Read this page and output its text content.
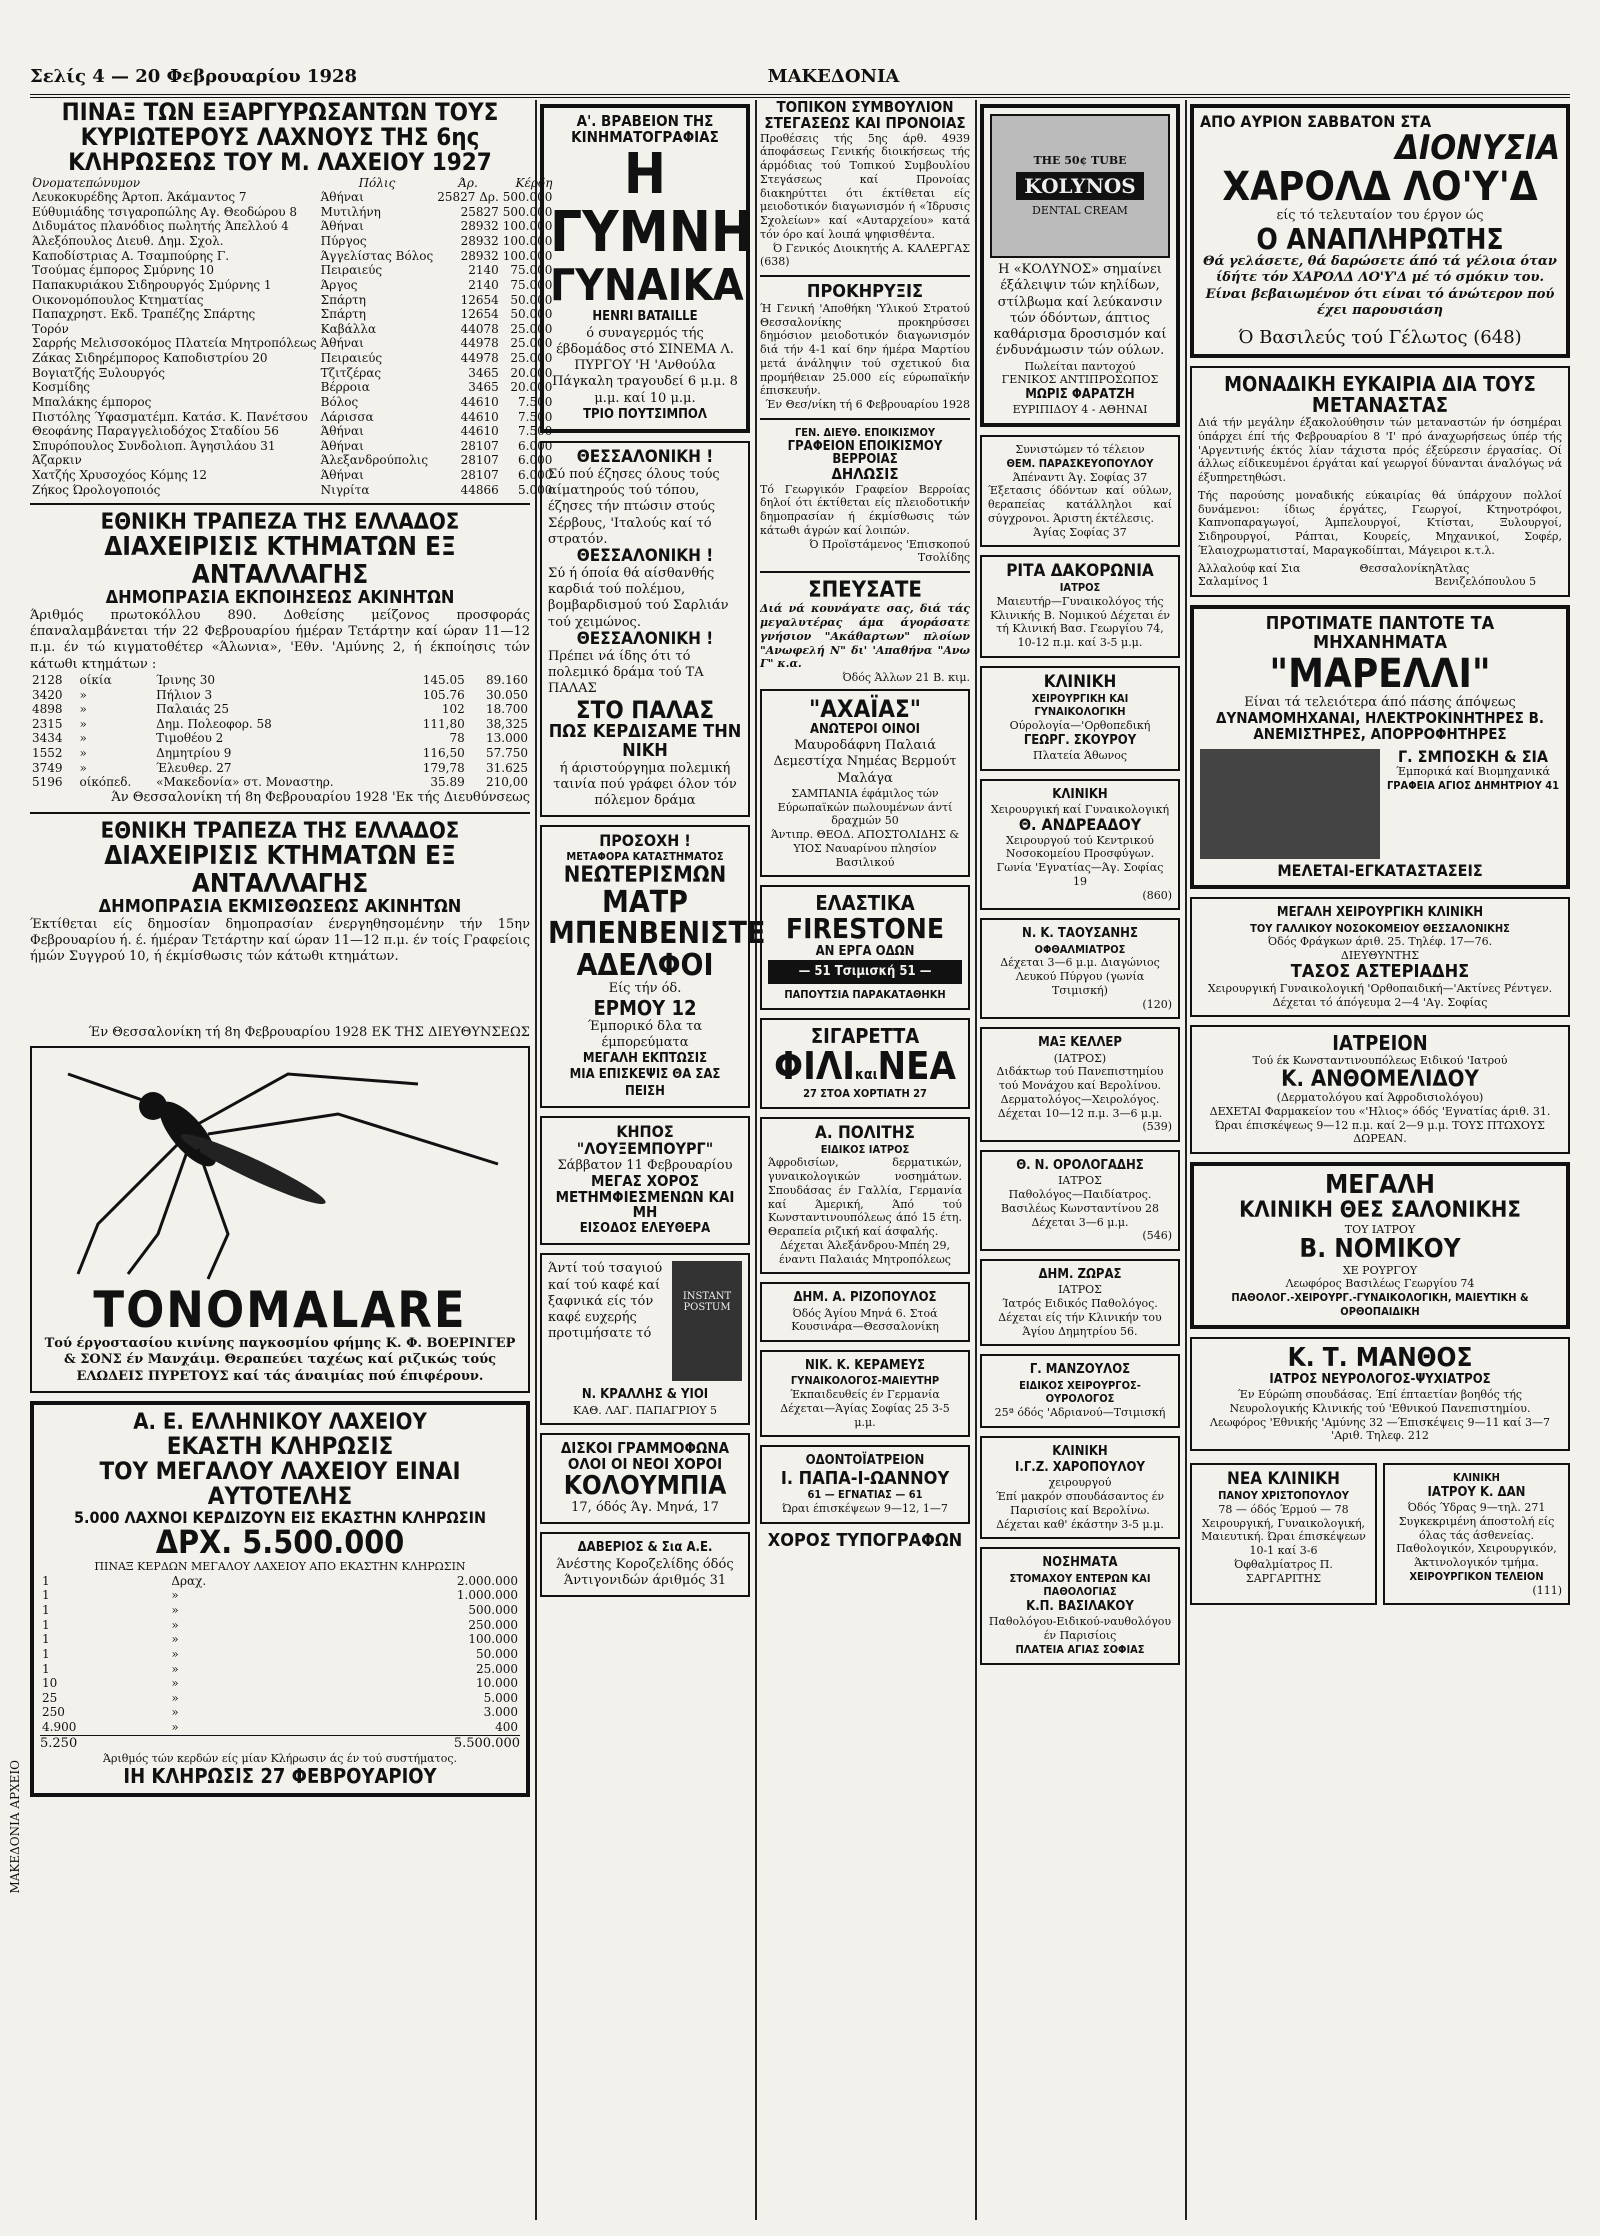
Σελίς 4 — 20 Φεβρουαρίου 1928	ΜΑΚΕΔΟΝΙΑ
ΠΙΝΑΞ ΤΩΝ ΕΞΑΡΓΥΡΩΣΑΝΤΩΝ ΤΟΥΣ ΚΥΡΙΩΤΕΡΟΥΣ ΛΑΧΝΟΥΣ ΤΗΣ 6ης ΚΛΗΡΩΣΕΩΣ ΤΟΥ Μ. ΛΑΧΕΙΟΥ 1927
Όνοματεπώνυμον	Πόλις	Άρ.	Κέρδη
Λευκοκυρέδης Άρτοπ. Άκάμαντος 7	Άθήναι	25827 Δρ.	500.000
Εύθυμιάδης τσιγαροπώλης Αγ. Θεοδώρου 8	Μυτιλήνη	25827	500.000
Διδυμάτος πλανόδιος πωλητής Άπελλού 4	Άθήναι	28932	100.000
Άλεξόπουλος Διευθ. Δημ. Σχολ.	Πύργος	28932	100.000
Καποδίστριας Α. Τσαμπούρης Γ.	Άγγελίστας Βόλος	28932	100.000
Τσούμας έμπορος Σμύρνης 10	Πειραιεύς	2140	75.000
Παπακυριάκου Σιδηρουργός Σμύρνης 1	Άργος	2140	75.000
Οικονομόπουλος Κτηματίας	Σπάρτη	12654	50.000
Παπαχρηστ. Εκδ. Τραπέζης Σπάρτης	Σπάρτη	12654	50.000
Τορόν	Καβάλλα	44078	25.000
Σαρρής Μελισσοκόμος Πλατεία Μητροπόλεως	Άθήναι	44978	25.000
Ζάκας Σιδηρέμπορος Καποδιστρίου 20	Πειραιεύς	44978	25.000
Βογιατζής Ξυλουργός	Τζιτζέρας	3465	20.000
Κοσμίδης	Βέρροια	3465	20.000
Μπαλάκης έμπορος	Βόλος	44610	7.500
Πιστόλης Ύφασματέμπ. Κατάσ. Κ. Πανέτσου	Λάρισσα	44610	7.500
Θεοφάνης Παραγγελιοδόχος Σταδίου 56	Άθήναι	44610	7.500
Σπυρόπουλος Συνδολιοπ. Άγησιλάου 31	Άθήναι	28107	6.000
Άζαρκιν	Άλεξανδρούπολις	28107	6.000
Χατζής Χρυσοχόος Κόμης 12	Άθήναι	28107	6.000
Ζήκος Ώρολογοποιός	Νιγρίτα	44866	5.000
ΕΘΝΙΚΗ ΤΡΑΠΕΖΑ ΤΗΣ ΕΛΛΑΔΟΣ
ΔΙΑΧΕΙΡΙΣΙΣ ΚΤΗΜΑΤΩΝ ΕΞ ΑΝΤΑΛΛΑΓΗΣ
ΔΗΜΟΠΡΑΣΙΑ ΕΚΠΟΙΗΣΕΩΣ ΑΚΙΝΗΤΩΝ
Άριθμός πρωτοκόλλου 890. Δοθείσης μείζονος προσφοράς έπαναλαμβάνεται τήν 22 Φεβρουαρίου ήμέραν Τετάρτην καί ώραν 11—12 π.μ. έν τώ κιγματοθέτερ «Άλωνια», 'Εθν. 'Αμύνης 2, ή έκποίησις τών κάτωθι κτημάτων :
2128	οίκία	Ίρινης 30	145.05	89.160
3420	»	Πήλιον 3	105.76	30.050
4898	»	Παλαιάς 25	102	18.700
2315	»	Δημ. Πολεοφορ. 58	111,80	38,325
3434	»	Τιμοθέου 2	78	13.000
1552	»	Δημητρίου 9	116,50	57.750
3749	»	Έλευθερ. 27	179,78	31.625
5196	οίκόπεδ.	«Μακεδονία» στ. Μοναστηρ.	35.89	210,00
Άν Θεσσαλονίκη τή 8η Φεβρουαρίου 1928 'Εκ τής Διευθύνσεως
ΕΘΝΙΚΗ ΤΡΑΠΕΖΑ ΤΗΣ ΕΛΛΑΔΟΣ
ΔΙΑΧΕΙΡΙΣΙΣ ΚΤΗΜΑΤΩΝ ΕΞ ΑΝΤΑΛΛΑΓΗΣ
ΔΗΜΟΠΡΑΣΙΑ ΕΚΜΙΣΘΩΣΕΩΣ ΑΚΙΝΗΤΩΝ
Έκτίθεται είς δημοσίαν δημοπρασίαν ένεργηθησομένην τήν 15ην Φεβρουαρίου ή. έ. ήμέραν Τετάρτην καί ώραν 11—12 π.μ. έν τοίς Γραφείοις ήμών Συγγρού 10, ή έκμίσθωσις τών κάτωθι κτημάτων.
Έν Θεσσαλονίκη τή 8η Φεβρουαρίου 1928 ΕΚ ΤΗΣ ΔΙΕΥΘΥΝΣΕΩΣ
TONOMALARE
Τού έργοστασίου κινίνης παγκοσμίου φήμης Κ. Φ. ΒΟΕΡΙΝΓΕΡ & ΣΟΝΣ έν Μανχάιμ. Θεραπεύει ταχέως καί ριζικώς τούς ΕΛΩΔΕΙΣ ΠΥΡΕΤΟΥΣ καί τάς άναιμίας πού έπιφέρουν.
Α. Ε. ΕΛΛΗΝΙΚΟΥ ΛΑΧΕΙΟΥ
ΕΚΑΣΤΗ ΚΛΗΡΩΣΙΣ
ΤΟΥ ΜΕΓΑΛΟΥ ΛΑΧΕΙΟΥ ΕΙΝΑΙ ΑΥΤΟΤΕΛΗΣ
5.000 ΛΑΧΝΟΙ ΚΕΡΔΙΖΟΥΝ ΕΙΣ ΕΚΑΣΤΗΝ ΚΛΗΡΩΣΙΝ
ΔΡΧ. 5.500.000
ΠΙΝΑΞ ΚΕΡΔΩΝ ΜΕΓΑΛΟΥ ΛΑΧΕΙΟΥ ΑΠΟ ΕΚΑΣΤΗΝ ΚΛΗΡΩΣΙΝ
1	Δραχ.	2.000.000
1	»	1.000.000
1	»	500.000
1	»	250.000
1	»	100.000
1	»	50.000
1	»	25.000
10	»	10.000
25	»	5.000
250	»	3.000
4.900	»	400
5.250	5.500.000
Άριθμός τών κερδών είς μίαν Κλήρωσιν άς έν τού συστήματος.
ΙΗ ΚΛΗΡΩΣΙΣ 27 ΦΕΒΡΟΥΑΡΙΟΥ
Α'. ΒΡΑΒΕΙΟΝ ΤΗΣ ΚΙΝΗΜΑΤΟΓΡΑΦΙΑΣ
Η ΓΥΜΝΗ
ΓΥΝΑΙΚΑ
HENRI BATAILLE
ό συναγερμός τής έβδομάδος στό ΣΙΝΕΜΑ Λ. ΠΥΡΓΟΥ 'Η 'Ανθούλα Πάγκαλη τραγουδεί 6 μ.μ. 8 μ.μ. καί 10 μ.μ.
ΤΡΙΟ ΠΟΥΤΣΙΜΠΟΛ
ΘΕΣΣΑΛΟΝΙΚΗ !
Σύ πού έζησες όλους τούς αίματηρούς τού τόπου, έζησες τήν πτώσιν στούς Σέρβους, 'Ιταλούς καί τό στρατόν.
ΘΕΣΣΑΛΟΝΙΚΗ !
Σύ ή όποία θά αίσθανθής καρδιά τού πολέμου, βομβαρδισμού τού Σαρλιάν τού χειμώνος.
ΘΕΣΣΑΛΟΝΙΚΗ !
Πρέπει νά ίδης ότι τό πολεμικό δράμα τού ΤΑ ΠΑΛΑΣ
ΣΤΟ ΠΑΛΑΣ
ΠΩΣ ΚΕΡΔΙΣΑΜΕ ΤΗΝ ΝΙΚΗ
ή άριστούργημα πολεμική ταινία πού γράφει όλον τόν πόλεμον δράμα
ΠΡΟΣΟΧΗ !
ΜΕΤΑΦΟΡΑ ΚΑΤΑΣΤΗΜΑΤΟΣ
ΝΕΩΤΕΡΙΣΜΩΝ
ΜΑΤΡ ΜΠΕΝΒΕΝΙΣΤΕ ΑΔΕΛΦΟΙ
Είς τήν όδ.
ΕΡΜΟΥ 12
Έμπορικό δλα τα έμπορεύματα
ΜΕΓΑΛΗ ΕΚΠΤΩΣΙΣ
ΜΙΑ ΕΠΙΣΚΕΨΙΣ ΘΑ ΣΑΣ ΠΕΙΣΗ
ΚΗΠΟΣ "ΛΟΥΞΕΜΠΟΥΡΓ"
Σάββατον 11 Φεβρουαρίου
ΜΕΓΑΣ ΧΟΡΟΣ ΜΕΤΗΜΦΙΕΣΜΕΝΩΝ ΚΑΙ ΜΗ
ΕΙΣΟΔΟΣ ΕΛΕΥΘΕΡΑ
Άντί τού τσαγιού καί τού καφέ καί ξαφνικά είς τόν καφέ ευχερής προτιμήσατε τό
INSTANT POSTUM
Ν. ΚΡΑΛΛΗΣ & ΥΙΟΙ
ΚΑΘ. ΛΑΓ. ΠΑΠΑΓΡΙΟΥ 5
ΔΙΣΚΟΙ ΓΡΑΜΜΟΦΩΝΑ ΟΛΟΙ ΟΙ ΝΕΟΙ ΧΟΡΟΙ
ΚΟΛΟΥΜΠΙΑ
17, όδός Άγ. Μηνά, 17
ΔΑΒΕΡΙΟΣ & Σια Α.Ε.
Άνέστης Κοροζελίδης όδός Άντιγονιδών άριθμός 31
ΤΟΠΙΚΟΝ ΣΥΜΒΟΥΛΙΟΝ
ΣΤΕΓΑΣΕΩΣ ΚΑΙ ΠΡΟΝΟΙΑΣ
Προθέσεις τής 5ης άρθ. 4939 άποφάσεως Γενικής διοικήσεως τής άρμόδιας τού Τοπικού Συμβουλίου Στεγάσεως καί Προνοίας διακηρύττει ότι έκτίθεται είς μειοδοτικόν διαγωνισμόν ή «Ίδρυσις Σχολείων» καί «Αυταρχείου» κατά τόν όρο καί λοιπά ψηφισθέντα.
Ό Γενικός Διοικητής Α. ΚΑΛΕΡΓΑΣ
(638)
ΠΡΟΚΗΡΥΞΙΣ
Ή Γενική 'Αποθήκη 'Υλικού Στρατού Θεσσαλονίκης προκηρύσσει δημόσιον μειοδοτικόν διαγωνισμόν διά τήν 4-1 καί 6ην ήμέρα Μαρτίου μετά άνάληψιν τού σχετικού δια προμήθειαν 25.000 είς εύρωπαϊκήν έπισκευήν.
Έν Θεσ/νίκη τή 6 Φεβρουαρίου 1928
ΓΕΝ. ΔΙΕΥΘ. ΕΠΟΙΚΙΣΜΟΥ
ΓΡΑΦΕΙΟΝ ΕΠΟΙΚΙΣΜΟΥ ΒΕΡΡΟΙΑΣ
ΔΗΛΩΣΙΣ
Τό Γεωργικόν Γραφείον Βερροίας δηλοί ότι έκτίθεται είς πλειοδοτικήν δημοπρασίαν ή έκμίσθωσις τών κάτωθι άγρών καί λοιπών.
Ό Προϊστάμενος 'Επισκοπού Τσολίδης
ΣΠΕΥΣΑΤΕ
Διά νά κουνάγατε σας, διά τάς μεγαλυτέρας άμα άγοράσατε γνήσιον "Ακάθαρτων" πλοίων "Ανωφελή Ν" δι' 'Απαθήνα "Ανω Γ" κ.α.
Όδός Άλλων 21 Β. κιμ.
"ΑΧΑΪΑΣ"
ΑΝΩΤΕΡΟΙ ΟΙΝΟΙ
Μαυροδάφνη Παλαιά Δεμεστίχα Νημέας Βερμούτ Μαλάγα
ΣΑΜΠΑΝΙΑ έφάμιλος τών Εύρωπαϊκών πωλουμένων άντί δραχμών 50
Άντιπρ. ΘΕΟΔ. ΑΠΟΣΤΟΛΙΔΗΣ & ΥΙΟΣ Ναυαρίνου πλησίον Βασιλικού
ΕΛΑΣΤΙΚΑ
FIRESTONE
ΑΝ ΕΡΓΑ ΟΔΩΝ
— 51 Τσιμισκή 51 —
ΠΑΠΟΥΤΣΙΑ ΠΑΡΑΚΑΤΑΘΗΚΗ
ΣΙΓΑΡΕΤΤΑ
ΦΙΛΙκαιΝΕΑ
27 ΣΤΟΑ ΧΟΡΤΙΑΤΗ 27
Α. ΠΟΛΙΤΗΣ
ΕΙΔΙΚΟΣ ΙΑΤΡΟΣ
Άφροδισίων, δερματικών, γυναικολογικών νοσημάτων. Σπουδάσας έν Γαλλία, Γερμανία καί Άμερική, Άπό τού Κωνσταντινουπόλεως άπό 15 έτη. Θεραπεία ριζική καί άσφαλής.
Δέχεται Άλεξάνδρου-Μπέη 29, έναντι Παλαιάς Μητροπόλεως
ΔΗΜ. Α. ΡΙΖΟΠΟΥΛΟΣ
Όδός Άγίου Μηνά 6. Στοά Κουσινάρα—Θεσσαλονίκη
ΝΙΚ. Κ. ΚΕΡΑΜΕΥΣ
ΓΥΝΑΙΚΟΛΟΓΟΣ-ΜΑΙΕΥΤΗΡ
Έκπαιδευθείς έν Γερμανία Δέχεται—Άγίας Σοφίας 25 3-5 μ.μ.
ΟΔΟΝΤΟΪΑΤΡΕΙΟΝ
Ι. ΠΑΠΑ-Ι-ΩΑΝΝΟΥ
61 — ΕΓΝΑΤΙΑΣ — 61
Ώραι έπισκέψεων 9—12, 1—7
ΧΟΡΟΣ ΤΥΠΟΓΡΑΦΩΝ
THE 50¢ TUBE
KOLYNOS
DENTAL CREAM
Η «ΚΟΛΥΝΟΣ» σημαίνει έξάλειψιν τών κηλίδων, στίλβωμα καί λεύκανσιν τών όδόντων, άπτιος καθάρισμα δροσισμόν καί ένδυνάμωσιν τών ούλων.
Πωλείται παντοχού
ΓΕΝΙΚΟΣ ΑΝΤΙΠΡΟΣΩΠΟΣ
ΜΩΡΙΣ ΦΑΡΑΤΖΗ
ΕΥΡΙΠΙΔΟΥ 4 - ΑΘΗΝΑΙ
Συνιστώμεν τό τέλειον
ΘΕΜ. ΠΑΡΑΣΚΕΥΟΠΟΥΛΟΥ
Άπέναντι Άγ. Σοφίας 37
Έξετασις όδόντων καί ούλων, θεραπείας κατάλληλοι καί σύγχρονοι. Άριστη έκτέλεσις.
Άγίας Σοφίας 37
ΡΙΤΑ ΔΑΚΟΡΩΝΙΑ
ΙΑΤΡΟΣ
Μαιευτήρ—Γυναικολόγος τής Κλινικής Β. Νομικού Δέχεται έν τή Κλινική Βασ. Γεωργίου 74, 10-12 π.μ. καί 3-5 μ.μ.
ΚΛΙΝΙΚΗ
ΧΕΙΡΟΥΡΓΙΚΗ ΚΑΙ ΓΥΝΑΙΚΟΛΟΓΙΚΗ
Ούρολογία—'Ορθοπεδική
ΓΕΩΡΓ. ΣΚΟΥΡΟΥ
Πλατεία Άθωνος
ΚΛΙΝΙΚΗ
Χειρουργική καί Γυναικολογική
Θ. ΑΝΔΡΕΑΔΟΥ
Χειρουργού τού Κεντρικού Νοσοκομείου Προσφύγων. Γωνία 'Εγνατίας—Άγ. Σοφίας 19
(860)
Ν. Κ. ΤΑΟΥΣΑΝΗΣ
ΟΦΘΑΛΜΙΑΤΡΟΣ
Δέχεται 3—6 μ.μ. Διαγώνιος Λευκού Πύργου (γωνία Τσιμισκή)
(120)
ΜΑΞ ΚΕΛΛΕΡ
(ΙΑΤΡΟΣ)
Διδάκτωρ τού Πανεπιστημίου τού Μονάχου καί Βερολίνου. Δερματολόγος—Χειρολόγος. Δέχεται 10—12 π.μ. 3—6 μ.μ.
(539)
Θ. Ν. ΟΡΟΛΟΓΑΔΗΣ
ΙΑΤΡΟΣ
Παθολόγος—Παιδίατρος. Βασιλέως Κωνσταντίνου 28 Δέχεται 3—6 μ.μ.
(546)
ΔΗΜ. ΖΩΡΑΣ
ΙΑΤΡΟΣ
Ίατρός Ειδικός Παθολόγος. Δέχεται είς τήν Κλινικήν του Άγίου Δημητρίου 56.
Γ. ΜΑΝΖΟΥΛΟΣ
ΕΙΔΙΚΟΣ ΧΕΙΡΟΥΡΓΟΣ-ΟΥΡΟΛΟΓΟΣ
25ª όδός 'Αδριανού—Τσιμισκή
ΚΛΙΝΙΚΗ
Ι.Γ.Ζ. ΧΑΡΟΠΟΥΛΟΥ
χειρουργού
Έπί μακρόν σπουδάσαντος έν Παρισίοις καί Βερολίνω. Δέχεται καθ' έκάστην 3-5 μ.μ.
ΝΟΣΗΜΑΤΑ
ΣΤΟΜΑΧΟΥ ΕΝΤΕΡΩΝ ΚΑΙ ΠΑΘΟΛΟΓΙΑΣ
Κ.Π. ΒΑΣΙΛΑΚΟΥ
Παθολόγου-Ειδικού-ναυθολόγου έν Παρισίοις
ΠΛΑΤΕΙΑ ΑΓΙΑΣ ΣΟΦΙΑΣ
ΑΠΟ ΑΥΡΙΟΝ ΣΑΒΒΑΤΟΝ ΣΤΑ
ΔΙΟΝΥΣΙΑ
ΧΑΡΟΛΔ ΛΟ'Υ'Δ
είς τό τελευταίον του έργον ώς
Ο ΑΝΑΠΛΗΡΩΤΗΣ
Θά γελάσετε, θά δαρώσετε άπό τά γέλοια όταν ίδήτε τόν ΧΑΡΟΛΔ ΛΟ'Υ'Δ μέ τό σμόκιν του.
Είναι βεβαιωμένον ότι είναι τό άνώτερον πού έχει παρουσιάση
Ό Βασιλεύς τού Γέλωτος (648)
ΜΟΝΑΔΙΚΗ ΕΥΚΑΙΡΙΑ ΔΙΑ ΤΟΥΣ ΜΕΤΑΝΑΣΤΑΣ
Διά τήν μεγάλην έξακολούθησιν τών μεταναστών ήν όσημέραι ύπάρχει έπί τής Φεβρουαρίου 8 'Ι' πρό άναχωρήσεως ύπέρ τής 'Αργεντινής έκτός λίαν τάχιστα πρός έξεύρεσιν έργασίας. Οί άλλως είδικευμένοι έργάται καί γεωργοί δύνανται άναλόγως νά έξυπηρετηθώσι.
Τής παρούσης μοναδικής εύκαιρίας θά ύπάρχουν πολλοί δυνάμενοι: ίδιως έργάτες, Γεωργοί, Κτηνοτρόφοι, Καπνοπαραγωγοί, Άμπελουργοί, Κτίσται, Ξυλουργοί, Σιδηρουργοί, Ράπται, Κουρείς, Μηχανικοί, Σοφέρ, Έλαιοχρωματισταί, Μαραγκοδίπται, Μάγειροι κ.τ.λ.
Άλλαλούφ καί Σια Σαλαμίνος 1
Θεσσαλονίκη Άτλας Βενιζελόπουλου 5
ΠΡΟΤΙΜΑΤΕ ΠΑΝΤΟΤΕ ΤΑ ΜΗΧΑΝΗΜΑΤΑ
"ΜΑΡΕΛΛΙ"
Είναι τά τελειότερα άπό πάσης άπόψεως
ΔΥΝΑΜΟΜΗΧΑΝΑΙ, ΗΛΕΚΤΡΟΚΙΝΗΤΗΡΕΣ Β. ΑΝΕΜΙΣΤΗΡΕΣ, ΑΠΟΡΡΟΦΗΤΗΡΕΣ
Γ. ΣΜΠΟΣΚΗ & ΣΙΑ
Έμπορικά καί Βιομηχανικά
ΓΡΑΦΕΙΑ ΑΓΙΟΣ ΔΗΜΗΤΡΙΟΥ 41
ΜΕΛΕΤΑΙ-ΕΓΚΑΤΑΣΤΑΣΕΙΣ
ΜΕΓΑΛΗ ΧΕΙΡΟΥΡΓΙΚΗ ΚΛΙΝΙΚΗ
ΤΟΥ ΓΑΛΛΙΚΟΥ ΝΟΣΟΚΟΜΕΙΟΥ ΘΕΣΣΑΛΟΝΙΚΗΣ
Όδός Φράγκων άριθ. 25. Τηλέφ. 17—76.
ΔΙΕΥΘΥΝΤΗΣ
ΤΑΣΟΣ ΑΣΤΕΡΙΑΔΗΣ
Χειρουργική Γυναικολογική 'Ορθοπαιδική—'Ακτίνες Ρέντγεν. Δέχεται τό άπόγευμα 2—4 'Αγ. Σοφίας
ΙΑΤΡΕΙΟΝ
Τού έκ Κωνσταντινουπόλεως Ειδικού 'Ιατρού
Κ. ΑΝΘΟΜΕΛΙΔΟΥ
(Δερματολόγου καί Άφροδισιολόγου)
ΔΕΧΕΤΑΙ Φαρμακείον του «'Ηλιος» όδός 'Εγνατίας άριθ. 31. Ώραι έπισκέψεως 9—12 π.μ. καί 2—9 μ.μ. ΤΟΥΣ ΠΤΩΧΟΥΣ ΔΩΡΕΑΝ.
ΜΕΓΑΛΗ
ΚΛΙΝΙΚΗ ΘΕΣ ΣΑΛΟΝΙΚΗΣ
ΤΟΥ ΙΑΤΡΟΥ
Β. ΝΟΜΙΚΟΥ
ΧΕ ΡΟΥΡΓΟΥ
Λεωφόρος Βασιλέως Γεωργίου 74
ΠΑΘΟΛΟΓ.-ΧΕΙΡΟΥΡΓ.-ΓΥΝΑΙΚΟΛΟΓΙΚΗ, ΜΑΙΕΥΤΙΚΗ & ΟΡΘΟΠΑΙΔΙΚΗ
Κ. Τ. ΜΑΝΘΟΣ
ΙΑΤΡΟΣ ΝΕΥΡΟΛΟΓΟΣ-ΨΥΧΙΑΤΡΟΣ
Έν Εύρώπη σπουδάσας. Έπί έπταετίαν βοηθός τής Νευρολογικής Κλινικής τού 'Εθνικού Πανεπιστημίου.
Λεωφόρος 'Εθνικής 'Αμύνης 32 —Έπισκέψεις 9—11 καί 3—7 'Αριθ. Τηλεφ. 212
ΝΕΑ ΚΛΙΝΙΚΗ
ΠΑΝΟΥ ΧΡΙΣΤΟΠΟΥΛΟΥ
78 — όδός Έρμού — 78
Χειρουργική, Γυναικολογική, Μαιευτική. Ώραι έπισκέψεων 10-1 καί 3-6
Όφθαλμίατρος Π. ΣΑΡΓΑΡΙΤΗΣ
ΚΛΙΝΙΚΗ
ΙΑΤΡΟΥ Κ. ΔΑΝ
Όδός Ύδρας 9—τηλ. 271 Συγκεκριμένη άποστολή είς όλας τάς άσθενείας. Παθολογικόν, Χειρουργικόν, Άκτινολογικόν τμήμα.
ΧΕΙΡΟΥΡΓΙΚΟΝ ΤΕΛΕΙΟΝ
(111)
ΜΑΚΕΔΟΝΙΑ ΑΡΧΕΙΟ
